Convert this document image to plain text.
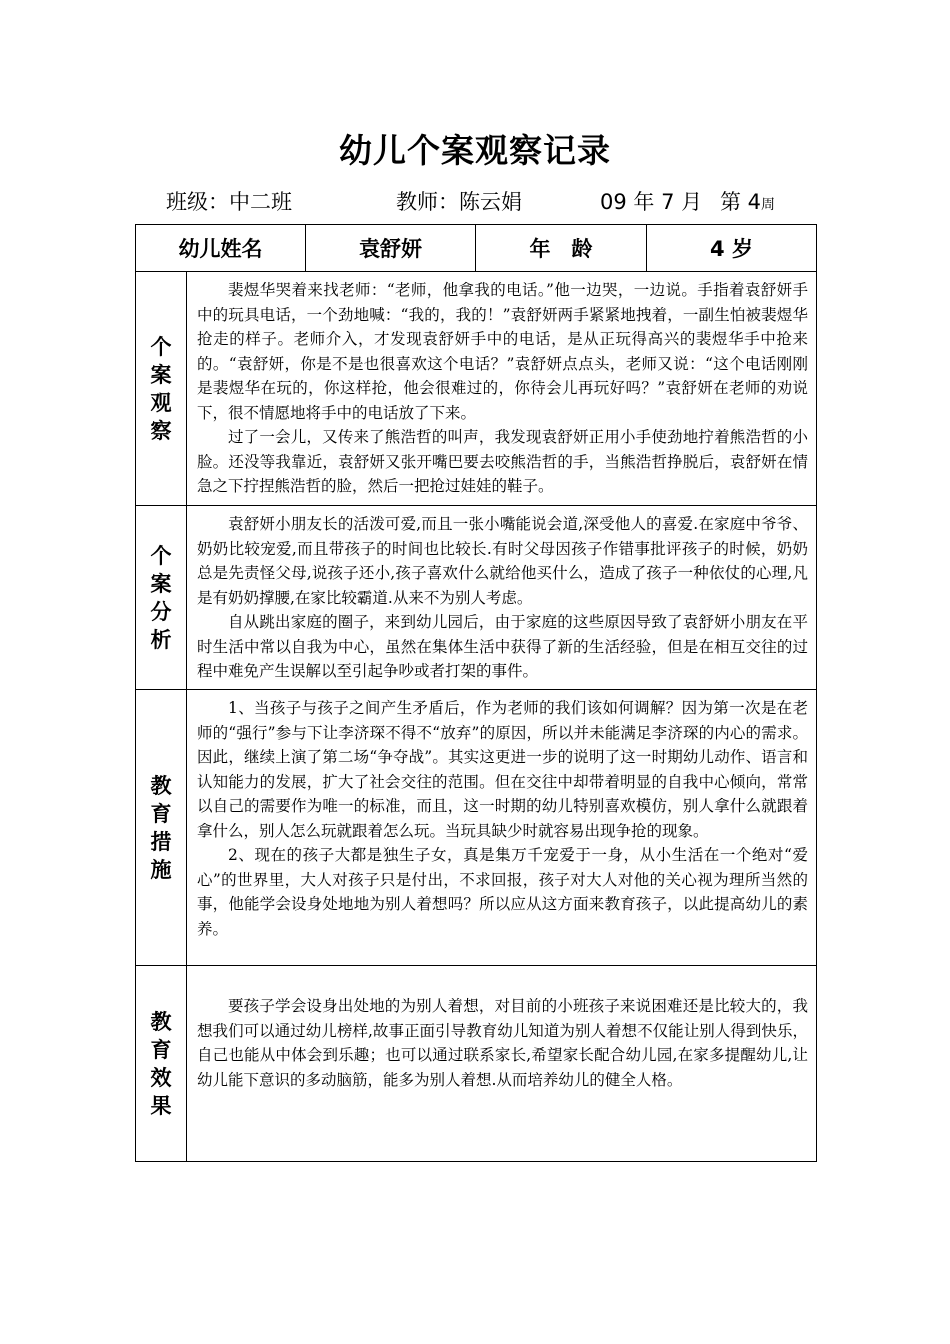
幼儿个案观察记录
班级：中二班	教师：陈云娟	09 年 7 月 第 4周
幼儿姓名		袁舒妍	年　龄	4 岁

个案观察	裴煜华哭着来找老师：“老师，他拿我的电话。”他一边哭，一边说。手指着袁舒妍手中的玩具电话，一个劲地喊：“我的，我的！”袁舒妍两手紧紧地拽着，一副生怕被裴煜华抢走的样子。老师介入，才发现袁舒妍手中的电话，是从正玩得高兴的裴煜华手中抢来的。“袁舒妍，你是不是也很喜欢这个电话？”袁舒妍点点头，老师又说：“这个电话刚刚是裴煜华在玩的，你这样抢，他会很难过的，你待会儿再玩好吗？”袁舒妍在老师的劝说下，很不情愿地将手中的电话放了下来。

过了一会儿，又传来了熊浩哲的叫声，我发现袁舒妍正用小手使劲地拧着熊浩哲的小脸。还没等我靠近，袁舒妍又张开嘴巴要去咬熊浩哲的手，当熊浩哲挣脱后，袁舒妍在情急之下拧捏熊浩哲的脸，然后一把抢过娃娃的鞋子。			

个案分析	袁舒妍小朋友长的活泼可爱,而且一张小嘴能说会道,深受他人的喜爱.在家庭中爷爷、奶奶比较宠爱,而且带孩子的时间也比较长.有时父母因孩子作错事批评孩子的时候，奶奶总是先责怪父母,说孩子还小,孩子喜欢什么就给他买什么，造成了孩子一种依仗的心理,凡是有奶奶撑腰,在家比较霸道.从来不为别人考虑。

自从跳出家庭的圈子，来到幼儿园后，由于家庭的这些原因导致了袁舒妍小朋友在平时生活中常以自我为中心，虽然在集体生活中获得了新的生活经验，但是在相互交往的过程中难免产生误解以至引起争吵或者打架的事件。			

教育措施	1、当孩子与孩子之间产生矛盾后，作为老师的我们该如何调解？因为第一次是在老师的“强行”参与下让李济琛不得不“放弃”的原因，所以并未能满足李济琛的内心的需求。因此，继续上演了第二场“争夺战”。其实这更进一步的说明了这一时期幼儿动作、语言和认知能力的发展，扩大了社会交往的范围。但在交往中却带着明显的自我中心倾向，常常以自己的需要作为唯一的标准，而且，这一时期的幼儿特别喜欢模仿，别人拿什么就跟着拿什么，别人怎么玩就跟着怎么玩。当玩具缺少时就容易出现争抢的现象。

2、现在的孩子大都是独生子女，真是集万千宠爱于一身，从小生活在一个绝对“爱心”的世界里，大人对孩子只是付出，不求回报，孩子对大人对他的关心视为理所当然的事，他能学会设身处地地为别人着想吗？所以应从这方面来教育孩子，以此提高幼儿的素养。			

教育效果	要孩子学会设身出处地的为别人着想，对目前的小班孩子来说困难还是比较大的，我想我们可以通过幼儿榜样,故事正面引导教育幼儿知道为别人着想不仅能让别人得到快乐，自己也能从中体会到乐趣；也可以通过联系家长,希望家长配合幼儿园,在家多提醒幼儿,让幼儿能下意识的多动脑筋，能多为别人着想.从而培养幼儿的健全人格。			
